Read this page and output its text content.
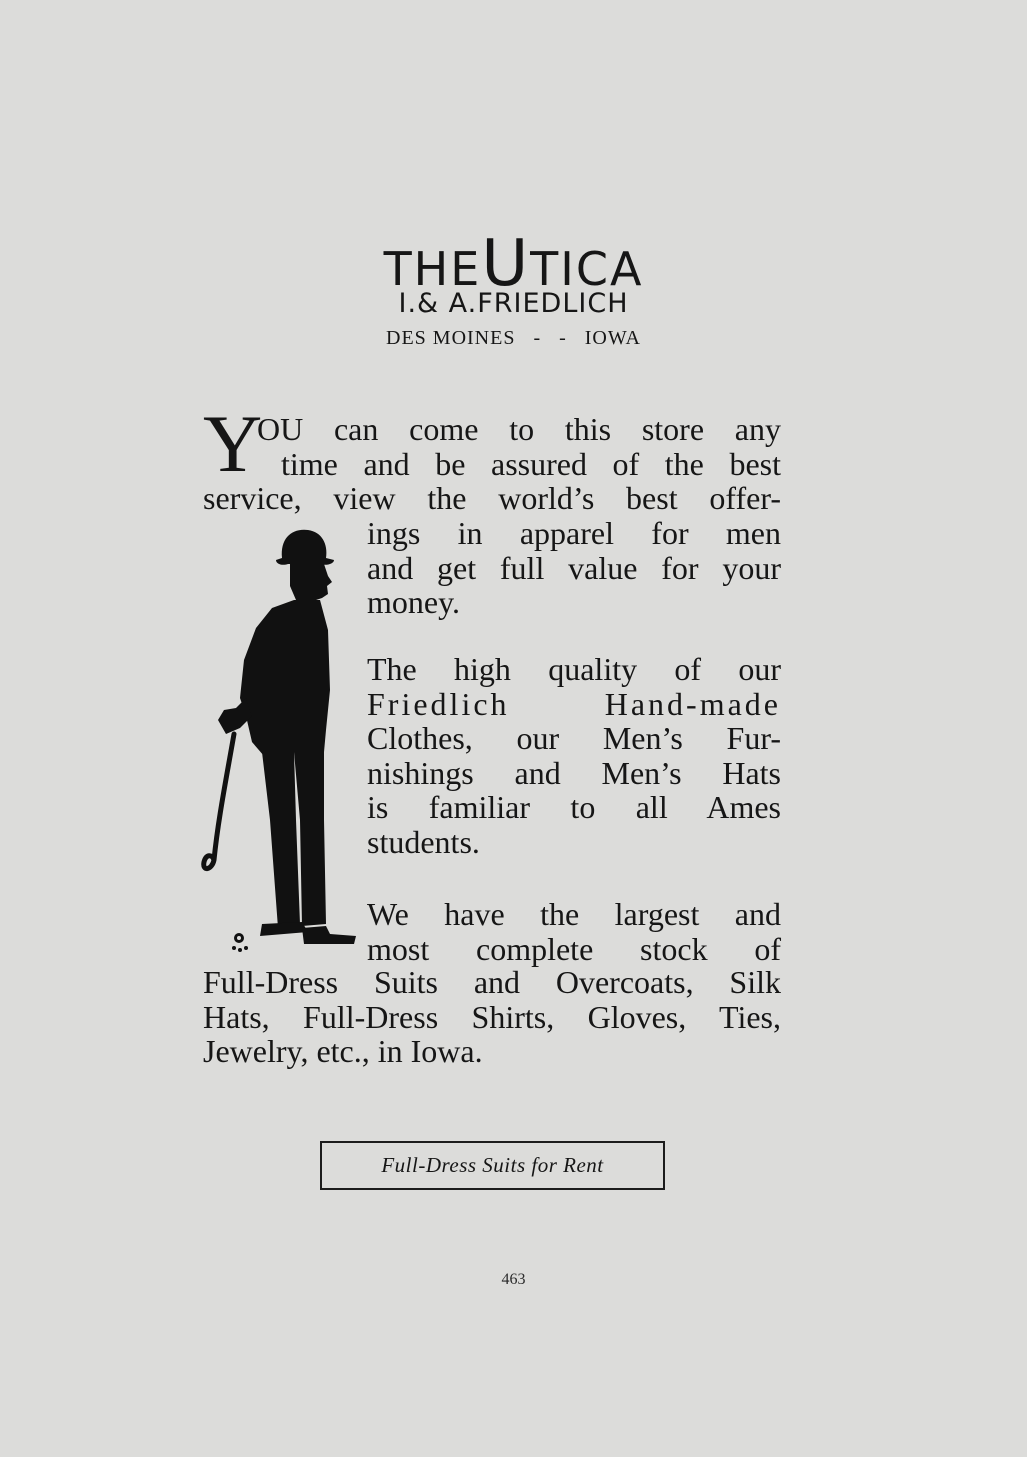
THEUTICA
I.& A.FRIEDLICH
DES MOINES   -   -   IOWA
Y
OU can come to this store any
time and be assured of the best
service, view the world’s best offer-
ings in apparel for men
and get full value for your
money.
The high quality of our
Friedlich Hand-made
Clothes, our Men’s Fur-
nishings and Men’s Hats
is familiar to all Ames
students.
We have the largest and
most complete stock of
Full-Dress Suits and Overcoats, Silk
Hats, Full-Dress Shirts, Gloves, Ties,
Jewelry, etc., in Iowa.
Full-Dress Suits for Rent
463
